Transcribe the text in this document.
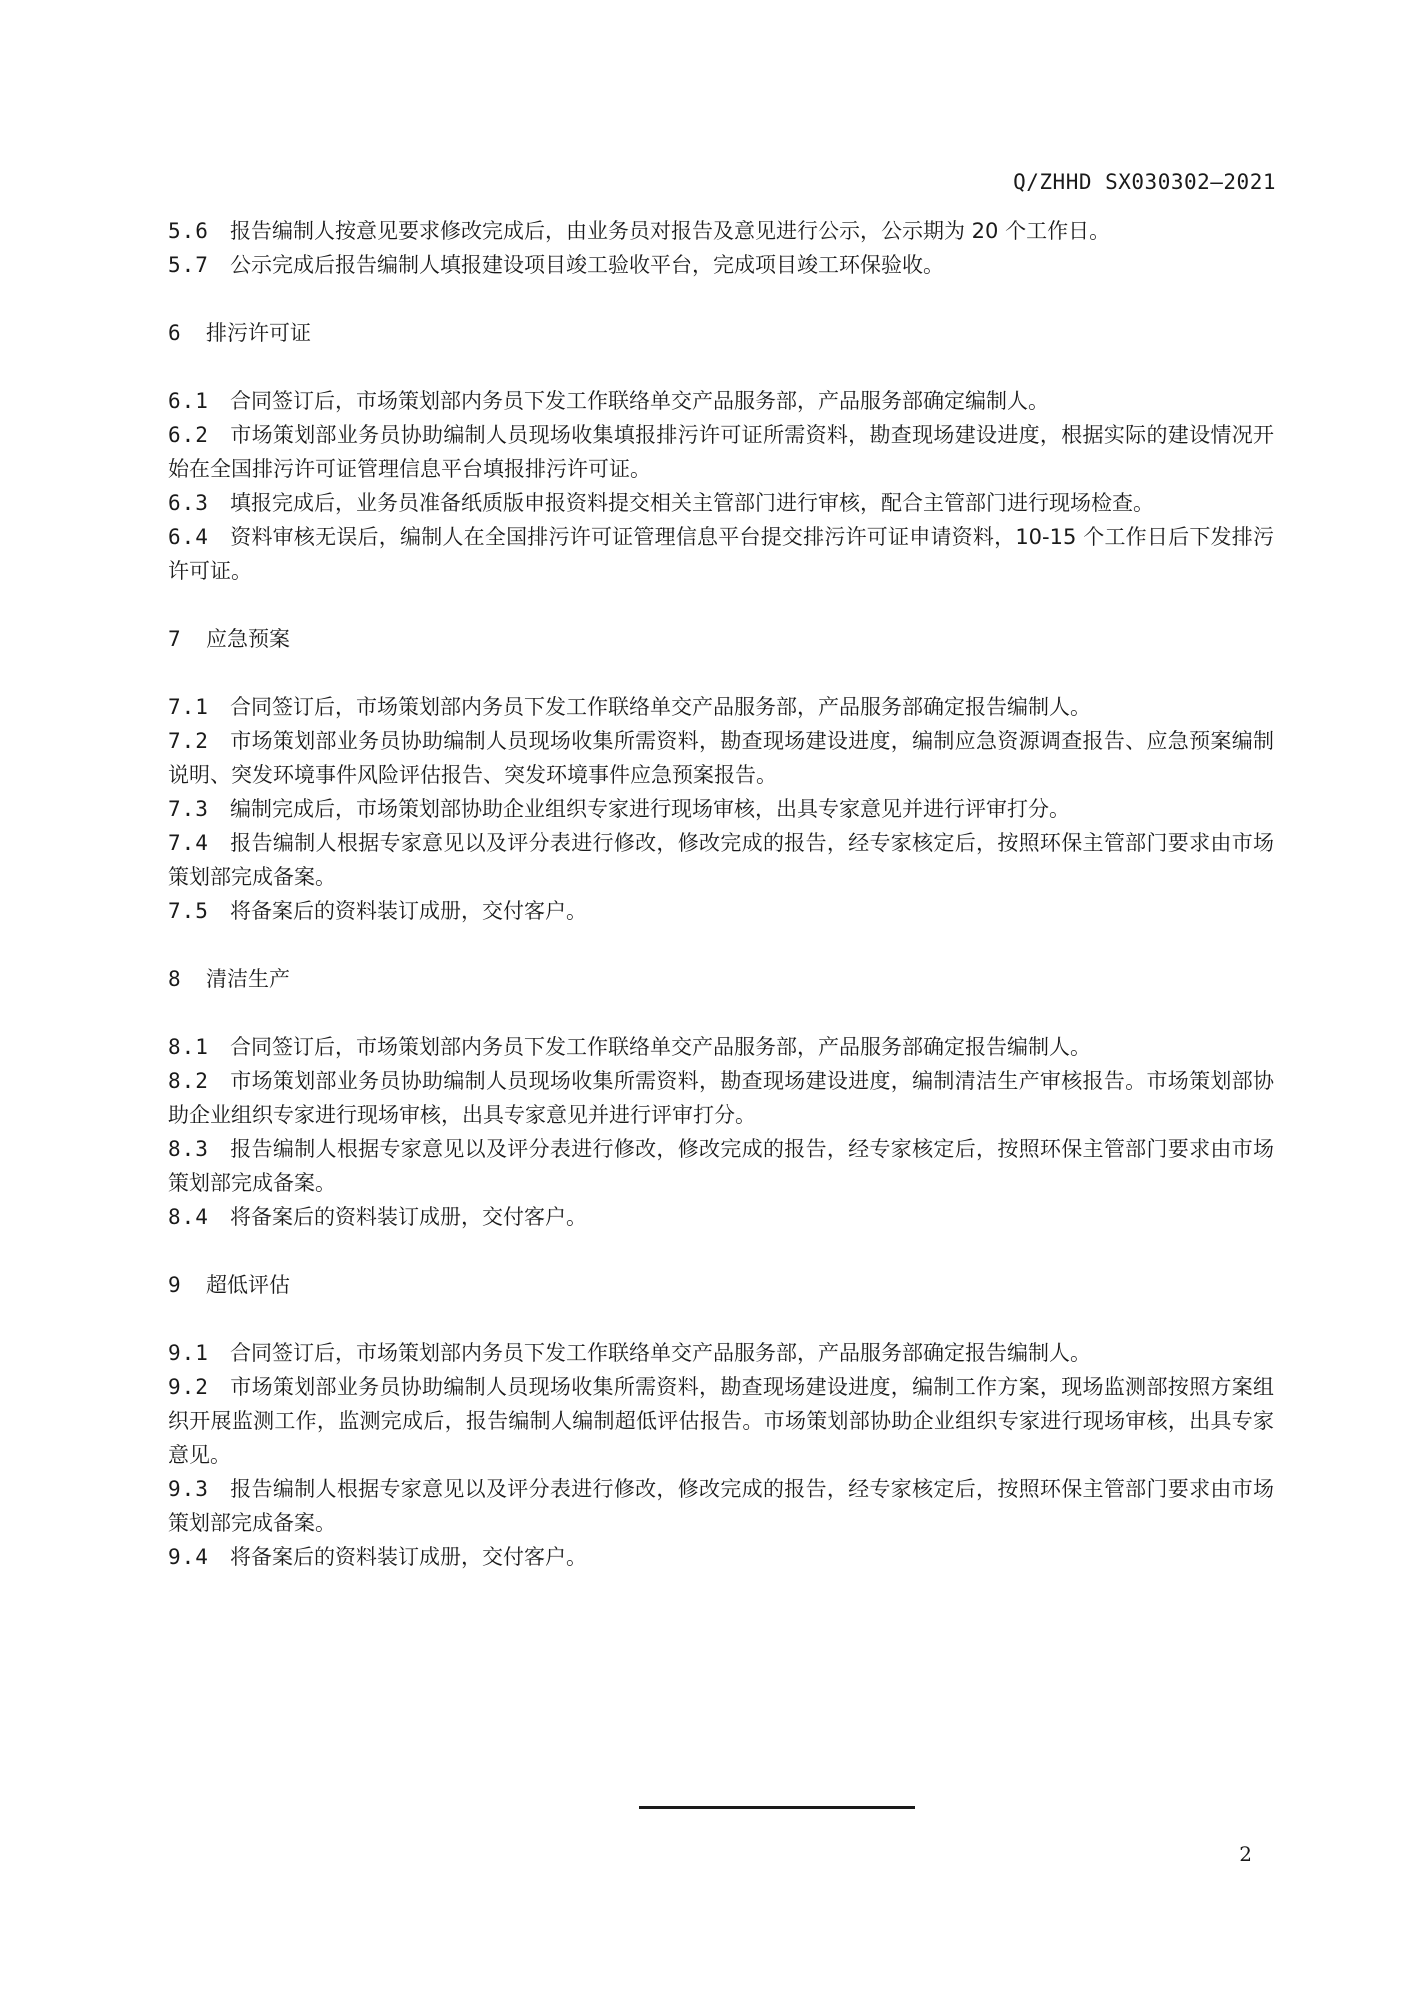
Q/ZHHD SX030302—2021

5.6 报告编制人按意见要求修改完成后，由业务员对报告及意见进行公示，公示期为 20 个工作日。

5.7 公示完成后报告编制人填报建设项目竣工验收平台，完成项目竣工环保验收。

6 排污许可证

6.1 合同签订后，市场策划部内务员下发工作联络单交产品服务部，产品服务部确定编制人。

6.2 市场策划部业务员协助编制人员现场收集填报排污许可证所需资料，勘查现场建设进度，根据实际的建设情况开始在全国排污许可证管理信息平台填报排污许可证。

6.3 填报完成后，业务员准备纸质版申报资料提交相关主管部门进行审核，配合主管部门进行现场检查。

6.4 资料审核无误后，编制人在全国排污许可证管理信息平台提交排污许可证申请资料，10-15 个工作日后下发排污许可证。

7 应急预案

7.1 合同签订后，市场策划部内务员下发工作联络单交产品服务部，产品服务部确定报告编制人。

7.2 市场策划部业务员协助编制人员现场收集所需资料，勘查现场建设进度，编制应急资源调查报告、应急预案编制说明、突发环境事件风险评估报告、突发环境事件应急预案报告。

7.3 编制完成后，市场策划部协助企业组织专家进行现场审核，出具专家意见并进行评审打分。

7.4 报告编制人根据专家意见以及评分表进行修改，修改完成的报告，经专家核定后，按照环保主管部门要求由市场策划部完成备案。

7.5 将备案后的资料装订成册，交付客户。

8 清洁生产

8.1 合同签订后，市场策划部内务员下发工作联络单交产品服务部，产品服务部确定报告编制人。

8.2 市场策划部业务员协助编制人员现场收集所需资料，勘查现场建设进度，编制清洁生产审核报告。市场策划部协助企业组织专家进行现场审核，出具专家意见并进行评审打分。

8.3 报告编制人根据专家意见以及评分表进行修改，修改完成的报告，经专家核定后，按照环保主管部门要求由市场策划部完成备案。

8.4 将备案后的资料装订成册，交付客户。

9 超低评估

9.1 合同签订后，市场策划部内务员下发工作联络单交产品服务部，产品服务部确定报告编制人。

9.2 市场策划部业务员协助编制人员现场收集所需资料，勘查现场建设进度，编制工作方案，现场监测部按照方案组织开展监测工作，监测完成后，报告编制人编制超低评估报告。市场策划部协助企业组织专家进行现场审核，出具专家意见。

9.3 报告编制人根据专家意见以及评分表进行修改，修改完成的报告，经专家核定后，按照环保主管部门要求由市场策划部完成备案。

9.4 将备案后的资料装订成册，交付客户。

2
